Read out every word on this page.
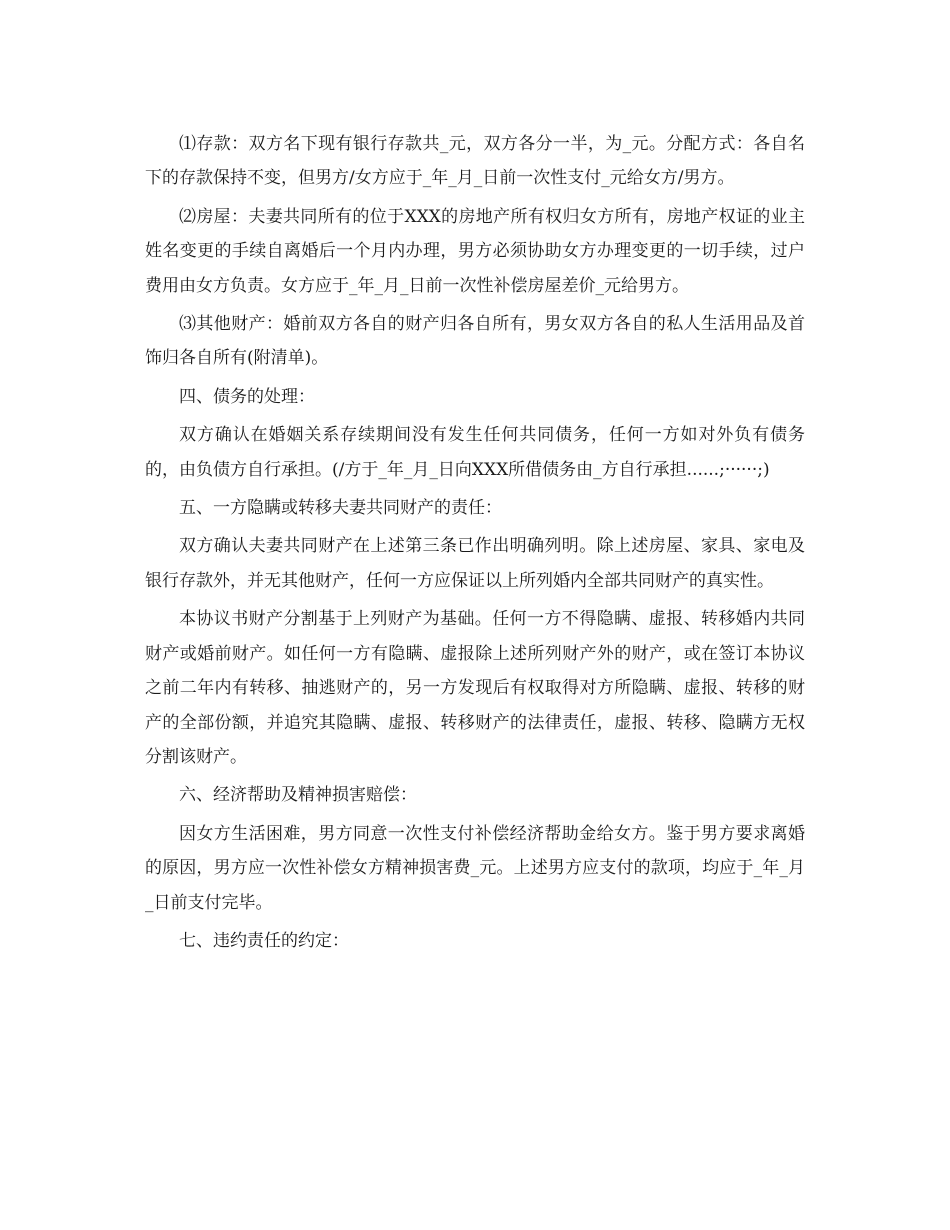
⑴存款：双方名下现有银行存款共_元，双方各分一半，为_元。分配方式：各自名下的存款保持不变，但男方/女方应于_年_月_日前一次性支付_元给女方/男方。

⑵房屋：夫妻共同所有的位于XXX的房地产所有权归女方所有，房地产权证的业主姓名变更的手续自离婚后一个月内办理，男方必须协助女方办理变更的一切手续，过户费用由女方负责。女方应于_年_月_日前一次性补偿房屋差价_元给男方。

⑶其他财产：婚前双方各自的财产归各自所有，男女双方各自的私人生活用品及首饰归各自所有(附清单)。

四、债务的处理：

双方确认在婚姻关系存续期间没有发生任何共同债务，任何一方如对外负有债务的，由负债方自行承担。(/方于_年_月_日向XXX所借债务由_方自行承担......;······;)

五、一方隐瞒或转移夫妻共同财产的责任：

双方确认夫妻共同财产在上述第三条已作出明确列明。除上述房屋、家具、家电及银行存款外，并无其他财产，任何一方应保证以上所列婚内全部共同财产的真实性。

本协议书财产分割基于上列财产为基础。任何一方不得隐瞒、虚报、转移婚内共同财产或婚前财产。如任何一方有隐瞒、虚报除上述所列财产外的财产，或在签订本协议之前二年内有转移、抽逃财产的，另一方发现后有权取得对方所隐瞒、虚报、转移的财产的全部份额，并追究其隐瞒、虚报、转移财产的法律责任，虚报、转移、隐瞒方无权分割该财产。

六、经济帮助及精神损害赔偿：

因女方生活困难，男方同意一次性支付补偿经济帮助金给女方。鉴于男方要求离婚的原因，男方应一次性补偿女方精神损害费_元。上述男方应支付的款项，均应于_年_月_日前支付完毕。

七、违约责任的约定：
